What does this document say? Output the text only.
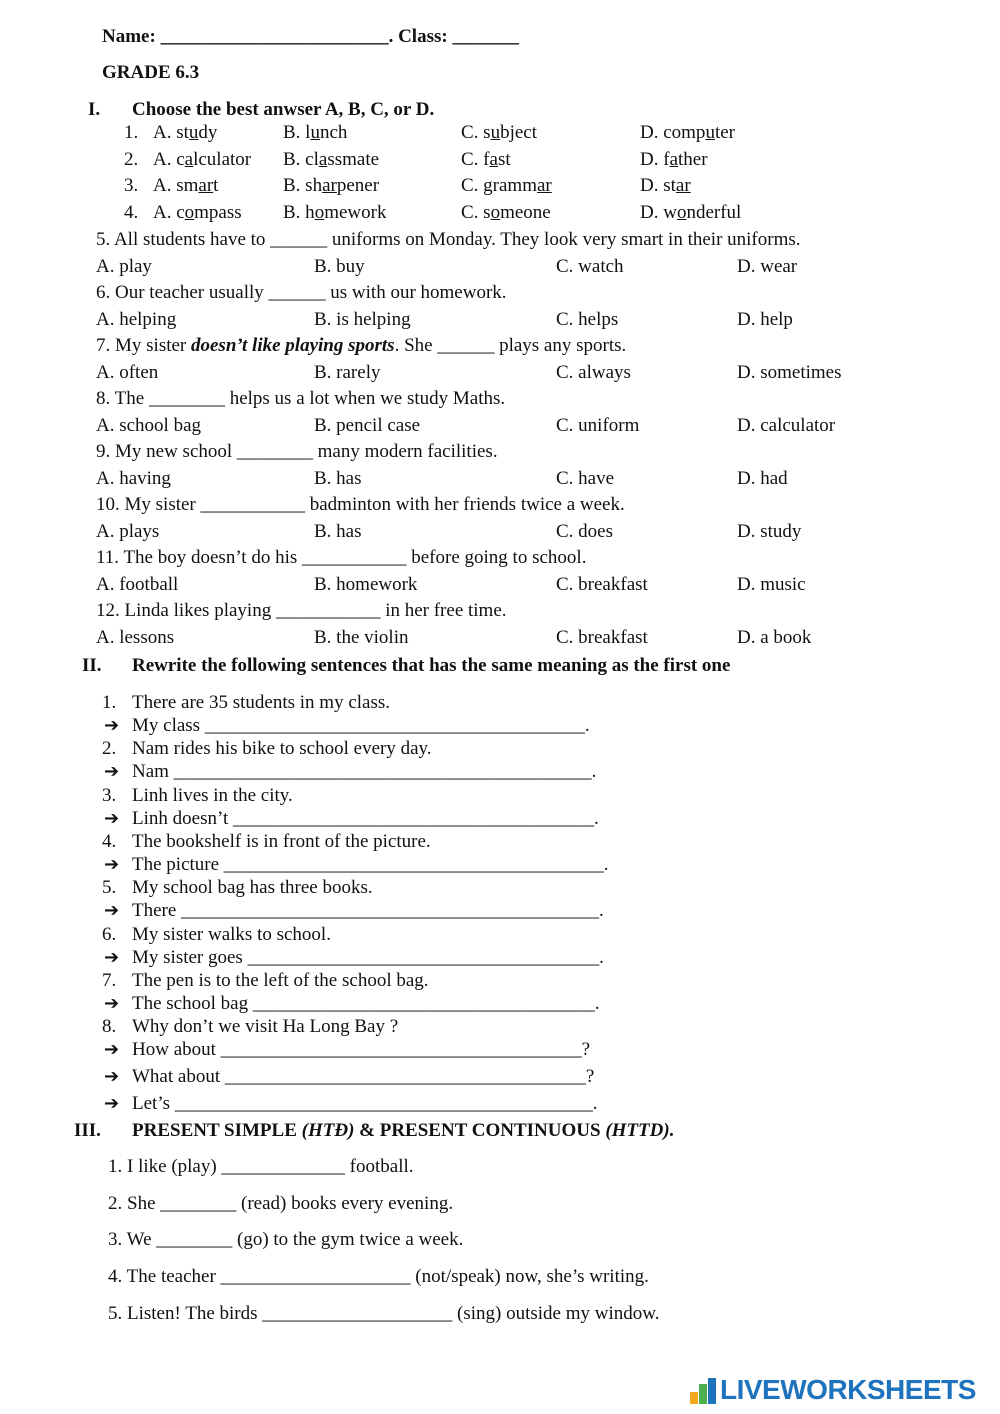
Name: ________________________. Class: _______
GRADE 6.3
I. Choose the best anwser A, B, C, or D.
1. A. study	B. lunch	C. subject	D. computer
2. A. calculator B. classmate	C. fast	D. father
3. A. smart	B. sharpener	C. grammar	D. star
4. A. compass B. homework	C. someone	D. wonderful
5. All students have to ______ uniforms on Monday. They look very smart in their uniforms.
A. play	B. buy	C. watch	D. wear
6. Our teacher usually ______ us with our homework.
A. helping	B. is helping	C. helps	D. help
7. My sister doesn’t like playing sports. She ______ plays any sports.
A. often	B. rarely	C. always	D. sometimes
8. The ________ helps us a lot when we study Maths.
A. school bag	B. pencil case	C. uniform	D. calculator
9. My new school ________ many modern facilities.
A. having	B. has	C. have	D. had
10. My sister ___________ badminton with her friends twice a week.
A. plays	B. has	C. does	D. study
11. The boy doesn’t do his ___________ before going to school.
A. football	B. homework	C. breakfast	D. music
12. Linda likes playing ___________ in her free time.
A. lessons	B. the violin	C. breakfast	D. a book
II. Rewrite the following sentences that has the same meaning as the first one
1. There are 35 students in my class.
➔ My class ________________________________________.
2. Nam rides his bike to school every day.
➔ Nam ____________________________________________.
3. Linh lives in the city.
➔ Linh doesn’t ______________________________________.
4. The bookshelf is in front of the picture.
➔ The picture ________________________________________.
5. My school bag has three books.
➔ There ____________________________________________.
6. My sister walks to school.
➔ My sister goes _____________________________________.
7. The pen is to the left of the school bag.
➔ The school bag ____________________________________.
8. Why don’t we visit Ha Long Bay ?
➔ How about ______________________________________?
➔ What about ______________________________________?
➔ Let’s ____________________________________________.
III. PRESENT SIMPLE (HTĐ) & PRESENT CONTINUOUS (HTTD).
1. I like (play) _____________ football.
2. She ________ (read) books every evening.
3. We ________ (go) to the gym twice a week.
4. The teacher ____________________ (not/speak) now, she’s writing.
5. Listen! The birds ____________________ (sing) outside my window.
LIVEWORKSHEETS
